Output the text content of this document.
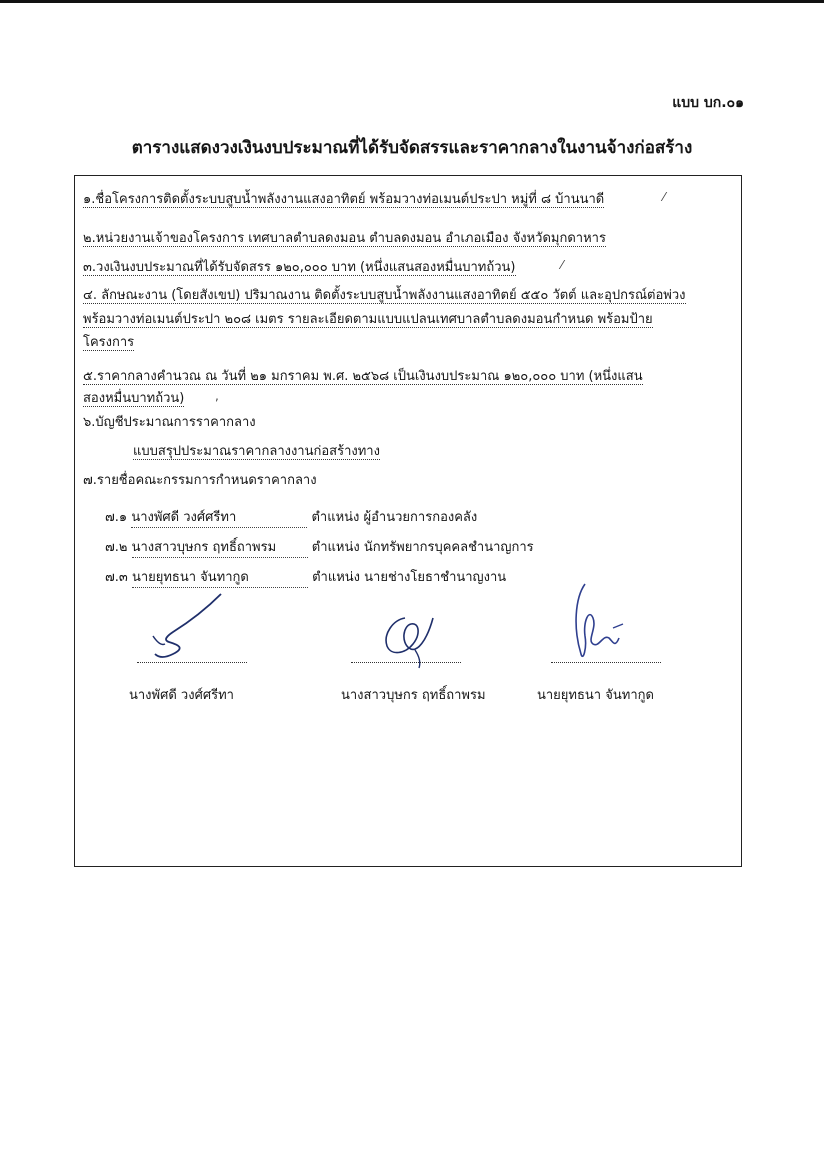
แบบ บก.๐๑
ตารางแสดงวงเงินงบประมาณที่ได้รับจัดสรรและราคากลางในงานจ้างก่อสร้าง
๑.ชื่อโครงการติดตั้งระบบสูบน้ำพลังงานแสงอาทิตย์ พร้อมวางท่อเมนต์ประปา หมู่ที่ ๘ บ้านนาดี	⁄
๒.หน่วยงานเจ้าของโครงการ เทศบาลตำบลดงมอน ตำบลดงมอน อำเภอเมือง จังหวัดมุกดาหาร
๓.วงเงินงบประมาณที่ได้รับจัดสรร ๑๒๐,๐๐๐ บาท (หนึ่งแสนสองหมื่นบาทถ้วน)	⁄
๔. ลักษณะงาน (โดยสังเขป) ปริมาณงาน ติดตั้งระบบสูบน้ำพลังงานแสงอาทิตย์ ๕๕๐ วัตต์ และอุปกรณ์ต่อพ่วง
พร้อมวางท่อเมนต์ประปา ๒๐๘ เมตร รายละเอียดตามแบบแปลนเทศบาลตำบลดงมอนกำหนด พร้อมป้าย
โครงการ
๕.ราคากลางคำนวณ ณ วันที่ ๒๑ มกราคม พ.ศ. ๒๕๖๘ เป็นเงินงบประมาณ ๑๒๐,๐๐๐ บาท (หนึ่งแสน
สองหมื่นบาทถ้วน)	,
๖.บัญชีประมาณการราคากลาง
แบบสรุปประมาณราคากลางงานก่อสร้างทาง
๗.รายชื่อคณะกรรมการกำหนดราคากลาง
๗.๑ นางพัศดี วงศ์ศรีทา	ตำแหน่ง ผู้อำนวยการกองคลัง
๗.๒ นางสาวบุษกร ฤทธิ์ถาพรม	ตำแหน่ง นักทรัพยากรบุคคลชำนาญการ
๗.๓ นายยุทธนา จันทากูด	ตำแหน่ง นายช่างโยธาชำนาญงาน
นางพัศดี วงศ์ศรีทา	นางสาวบุษกร ฤทธิ์ถาพรม	นายยุทธนา จันทากูด
